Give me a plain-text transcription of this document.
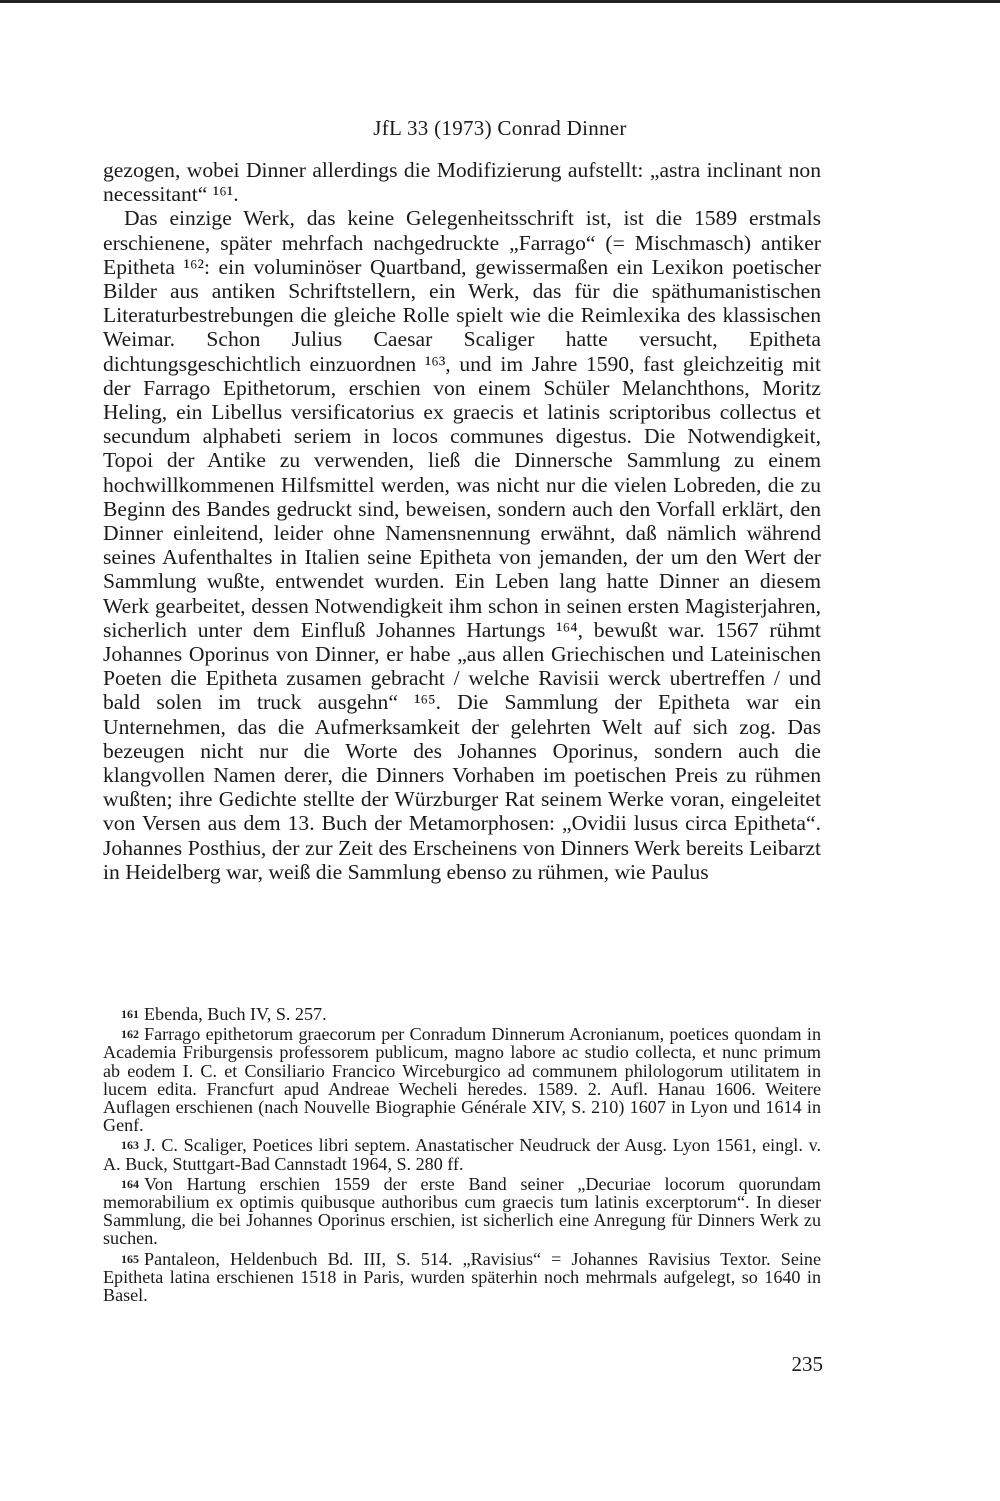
JfL 33 (1973) Conrad Dinner

gezogen, wobei Dinner allerdings die Modifizierung aufstellt: „astra inclinant non necessitant“ ¹⁶¹.

Das einzige Werk, das keine Gelegenheitsschrift ist, ist die 1589 erstmals erschienene, später mehrfach nachgedruckte „Farrago“ (= Mischmasch) antiker Epitheta ¹⁶²: ein voluminöser Quartband, gewissermaßen ein Lexikon poetischer Bilder aus antiken Schriftstellern, ein Werk, das für die späthumanistischen Literaturbestrebungen die gleiche Rolle spielt wie die Reimlexika des klassischen Weimar. Schon Julius Caesar Scaliger hatte versucht, Epitheta dichtungsgeschichtlich einzuordnen ¹⁶³, und im Jahre 1590, fast gleichzeitig mit der Farrago Epithetorum, erschien von einem Schüler Melanchthons, Moritz Heling, ein Libellus versificatorius ex graecis et latinis scriptoribus collectus et secundum alphabeti seriem in locos communes digestus. Die Notwendigkeit, Topoi der Antike zu verwenden, ließ die Dinnersche Sammlung zu einem hochwillkommenen Hilfsmittel werden, was nicht nur die vielen Lobreden, die zu Beginn des Bandes gedruckt sind, beweisen, sondern auch den Vorfall erklärt, den Dinner einleitend, leider ohne Namensnennung erwähnt, daß nämlich während seines Aufenthaltes in Italien seine Epitheta von jemanden, der um den Wert der Sammlung wußte, entwendet wurden. Ein Leben lang hatte Dinner an diesem Werk gearbeitet, dessen Notwendigkeit ihm schon in seinen ersten Magisterjahren, sicherlich unter dem Einfluß Johannes Hartungs ¹⁶⁴, bewußt war. 1567 rühmt Johannes Oporinus von Dinner, er habe „aus allen Griechischen und Lateinischen Poeten die Epitheta zusamen gebracht / welche Ravisii werck ubertreffen / und bald solen im truck ausgehn“ ¹⁶⁵. Die Sammlung der Epitheta war ein Unternehmen, das die Aufmerksamkeit der gelehrten Welt auf sich zog. Das bezeugen nicht nur die Worte des Johannes Oporinus, sondern auch die klangvollen Namen derer, die Dinners Vorhaben im poetischen Preis zu rühmen wußten; ihre Gedichte stellte der Würzburger Rat seinem Werke voran, eingeleitet von Versen aus dem 13. Buch der Metamorphosen: „Ovidii lusus circa Epitheta“. Johannes Posthius, der zur Zeit des Erscheinens von Dinners Werk bereits Leibarzt in Heidelberg war, weiß die Sammlung ebenso zu rühmen, wie Paulus

161 Ebenda, Buch IV, S. 257.

162 Farrago epithetorum graecorum per Conradum Dinnerum Acronianum, poetices quondam in Academia Friburgensis professorem publicum, magno labore ac studio collecta, et nunc primum ab eodem I. C. et Consiliario Francico Wirceburgico ad communem philologorum utilitatem in lucem edita. Francfurt apud Andreae Wecheli heredes. 1589. 2. Aufl. Hanau 1606. Weitere Auflagen erschienen (nach Nouvelle Biographie Générale XIV, S. 210) 1607 in Lyon und 1614 in Genf.

163 J. C. Scaliger, Poetices libri septem. Anastatischer Neudruck der Ausg. Lyon 1561, eingl. v. A. Buck, Stuttgart-Bad Cannstadt 1964, S. 280 ff.

164 Von Hartung erschien 1559 der erste Band seiner „Decuriae locorum quorundam memorabilium ex optimis quibusque authoribus cum graecis tum latinis excerptorum“. In dieser Sammlung, die bei Johannes Oporinus erschien, ist sicherlich eine Anregung für Dinners Werk zu suchen.

165 Pantaleon, Heldenbuch Bd. III, S. 514. „Ravisius“ = Johannes Ravisius Textor. Seine Epitheta latina erschienen 1518 in Paris, wurden späterhin noch mehrmals aufgelegt, so 1640 in Basel.

235
